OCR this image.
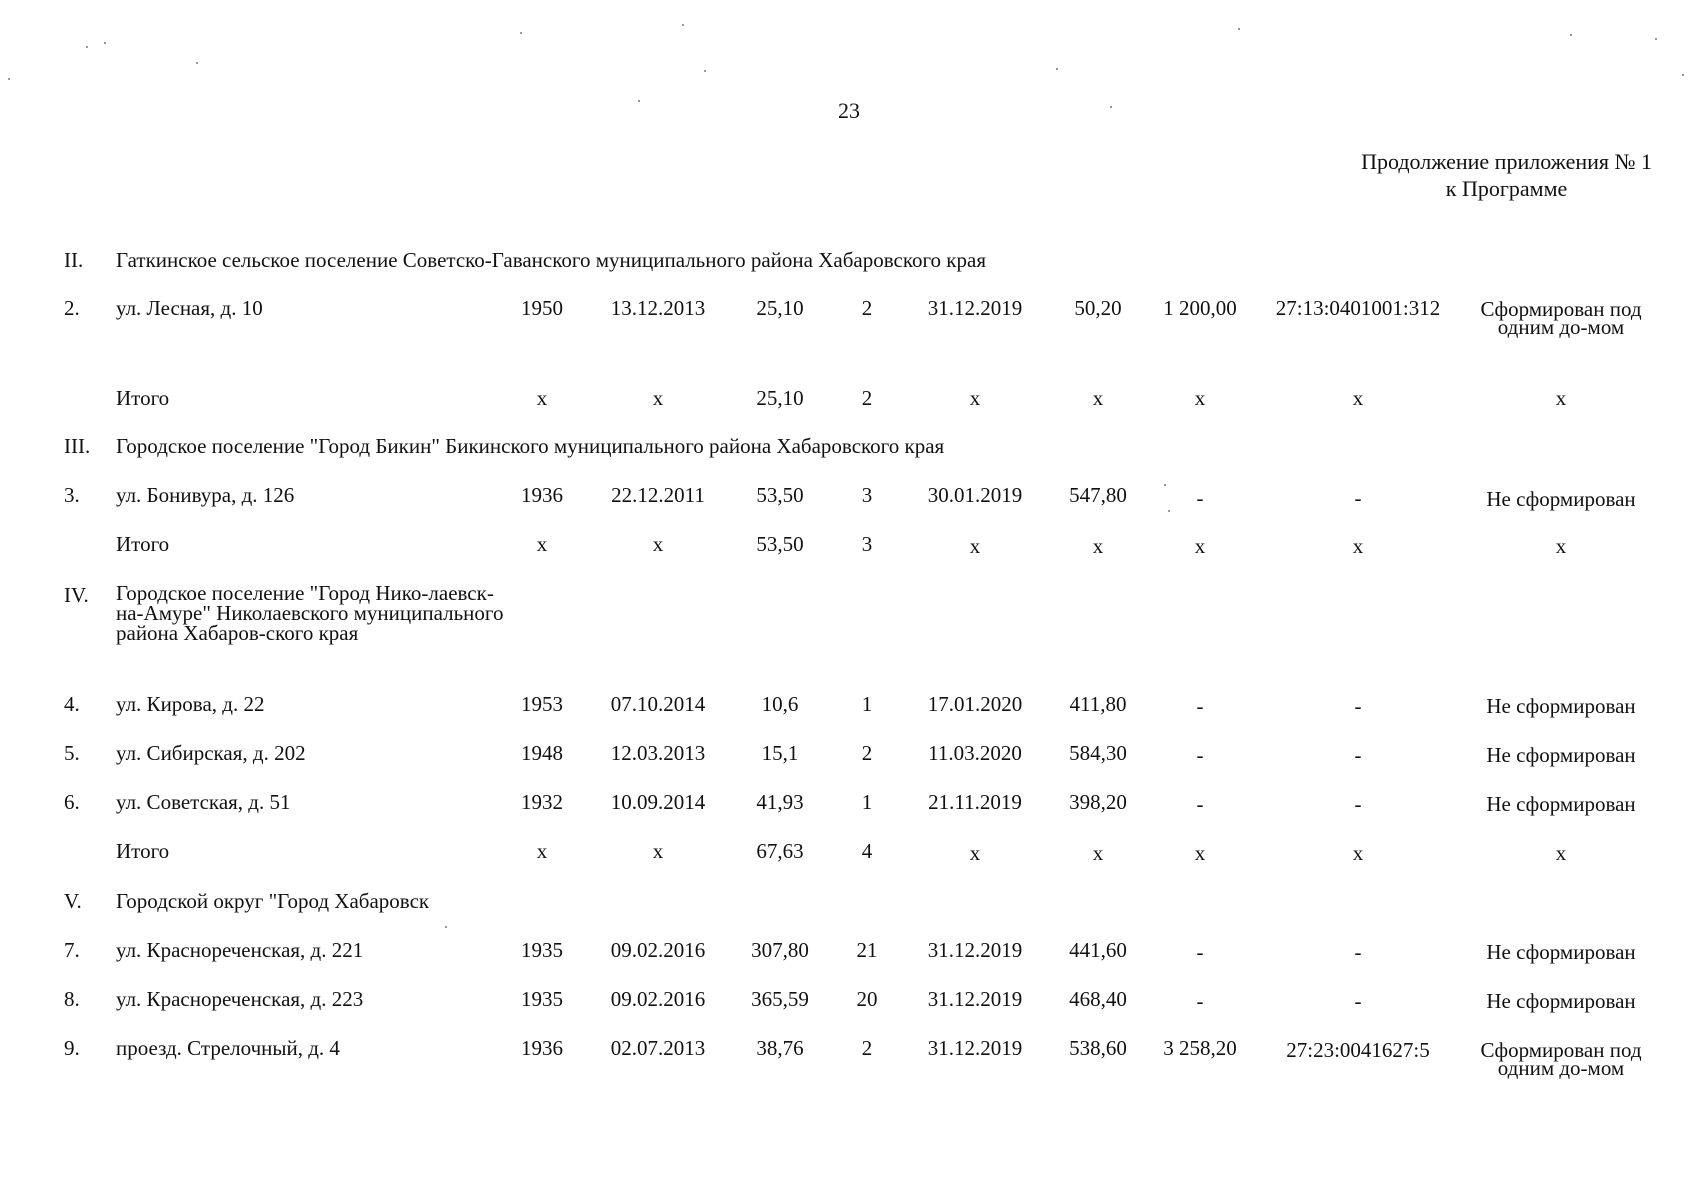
23
Продолжение приложения № 1
к Программе
II. Гаткинское сельское поселение Советско-Гаванского муниципального района Хабаровского края
2. ул. Лесная, д. 10	1950	13.12.2013	25,10	2	31.12.2019	50,20	1 200,00	27:13:0401001:312	Сформирован под одним до-мом
Итого	x	x	25,10	2	x	x	x	x	x
III. Городское поселение "Город Бикин" Бикинского муниципального района Хабаровского края
3. ул. Бонивура, д. 126	1936	22.12.2011	53,50	3	30.01.2019	547,80	-	-	Не сформирован
Итого	x	x	53,50	3	x	x	x	x	x
IV. Городское поселение "Город Нико-лаевск-на-Амуре" Николаевского муниципального района Хабаров-ского края
4. ул. Кирова, д. 22	1953	07.10.2014	10,6	1	17.01.2020	411,80	-	-	Не сформирован
5. ул. Сибирская, д. 202	1948	12.03.2013	15,1	2	11.03.2020	584,30	-	-	Не сформирован
6. ул. Советская, д. 51	1932	10.09.2014	41,93	1	21.11.2019	398,20	-	-	Не сформирован
Итого	x	x	67,63	4	x	x	x	x	x
V. Городской округ "Город Хабаровск
7. ул. Краснореченская, д. 221	1935	09.02.2016	307,80	21	31.12.2019	441,60	-	-	Не сформирован
8. ул. Краснореченская, д. 223	1935	09.02.2016	365,59	20	31.12.2019	468,40	-	-	Не сформирован
9. проезд. Стрелочный, д. 4	1936	02.07.2013	38,76	2	31.12.2019	538,60	3 258,20	27:23:0041627:5	Сформирован под одним до-мом
